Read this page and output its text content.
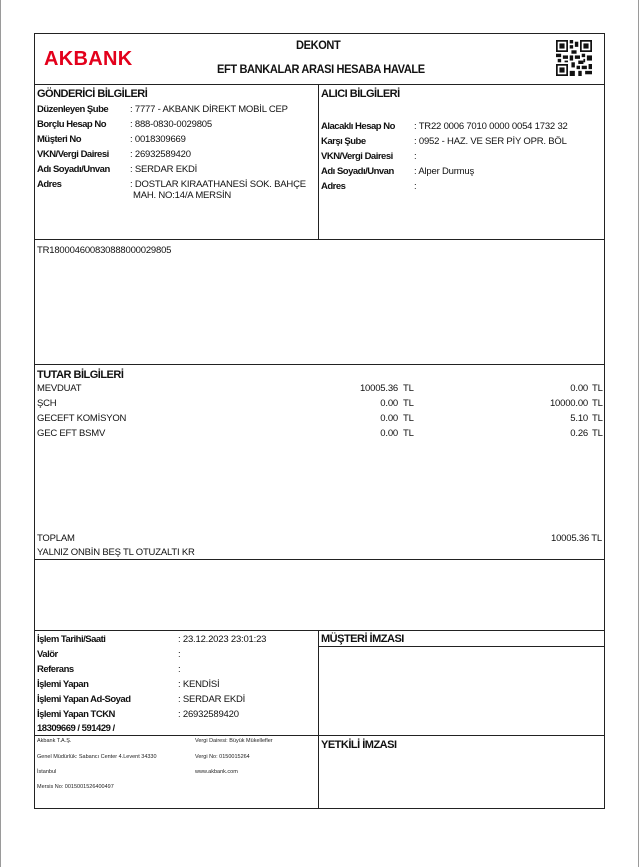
AKBANK
DEKONT
EFT BANKALAR ARASI HESABA HAVALE
GÖNDERİCİ BİLGİLERİ
Düzenleyen Şube : 7777 - AKBANK DİREKT MOBİL CEP
Borçlu Hesap No	: 888-0830-0029805
Müşteri No	: 0018309669
VKN/Vergi Dairesi : 26932589420
Adı Soyadı/Unvan : SERDAR EKDİ
Adres	: DOSTLAR KIRAATHANESİ SOK. BAHÇE
MAH. NO:14/A MERSİN
ALICI BİLGİLERİ
Alacaklı Hesap No : TR22 0006 7010 0000 0054 1732 32
Karşı Şube	: 0952 - HAZ. VE SER PİY OPR. BÖL
VKN/Vergi Dairesi :
Adı Soyadı/Unvan : Alper Durmuş
Adres	:
TR180004600830888000029805
TUTAR BİLGİLERİ
MEVDUAT	10005.36 TL	0.00 TL
ŞCH	0.00 TL	10000.00 TL
GECEFT KOMİSYON	0.00 TL	5.10 TL
GEC EFT BSMV	0.00 TL	0.26 TL
TOPLAM	10005.36 TL
YALNIZ ONBİN BEŞ TL OTUZALTI KR
İşlem Tarihi/Saati	: 23.12.2023 23:01:23
Valör	:
Referans	:
İşlemi Yapan	: KENDİSİ
İşlemi Yapan Ad-Soyad	: SERDAR EKDİ
İşlemi Yapan TCKN	: 26932589420
18309669 / 591429 /
MÜŞTERİ İMZASI
YETKİLİ İMZASI
Akbank T.A.Ş.
Genel Müdürlük: Sabancı Center 4.Levent 34330
İstanbul
Mersis No: 0015001526400497
Vergi Dairesi: Büyük Mükellefler
Vergi No: 0150015264
www.akbank.com
